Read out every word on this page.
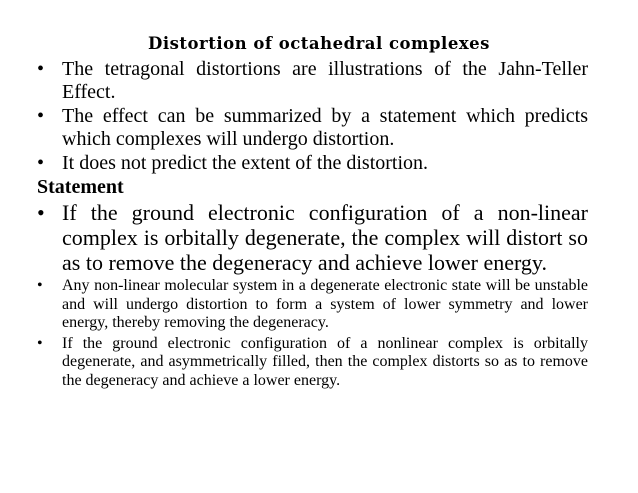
Distortion of octahedral complexes
• The tetragonal distortions are illustrations of the Jahn-Teller Effect.
• The effect can be summarized by a statement which predicts which complexes will undergo distortion.
• It does not predict the extent of the distortion.
Statement
• If the ground electronic configuration of a non-linear complex is orbitally degenerate, the complex will distort so as to remove the degeneracy and achieve lower energy.
• Any non-linear molecular system in a degenerate electronic state will be unstable and will undergo distortion to form a system of lower symmetry and lower energy, thereby removing the degeneracy.
• If the ground electronic configuration of a nonlinear complex is orbitally degenerate, and asymmetrically filled, then the complex distorts so as to remove the degeneracy and achieve a lower energy.
